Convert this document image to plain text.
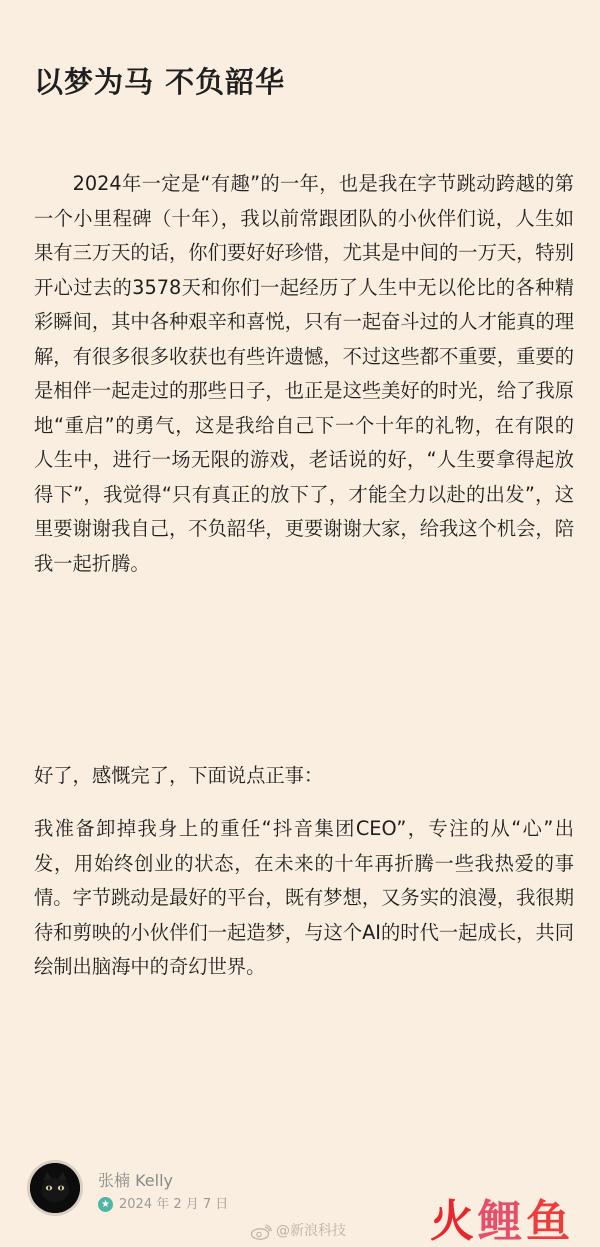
以梦为马 不负韶华

2024年一定是“有趣”的一年，也是我在字节跳动跨越的第一个小里程碑（十年），我以前常跟团队的小伙伴们说，人生如果有三万天的话，你们要好好珍惜，尤其是中间的一万天，特别开心过去的3578天和你们一起经历了人生中无以伦比的各种精彩瞬间，其中各种艰辛和喜悦，只有一起奋斗过的人才能真的理解，有很多很多收获也有些许遗憾，不过这些都不重要，重要的是相伴一起走过的那些日子，也正是这些美好的时光，给了我原地“重启”的勇气，这是我给自己下一个十年的礼物，在有限的人生中，进行一场无限的游戏，老话说的好，“人生要拿得起放得下”，我觉得“只有真正的放下了，才能全力以赴的出发”，这里要谢谢我自己，不负韶华，更要谢谢大家，给我这个机会，陪我一起折腾。

好了，感慨完了，下面说点正事：

我准备卸掉我身上的重任“抖音集团CEO”，专注的从“心”出发，用始终创业的状态，在未来的十年再折腾一些我热爱的事情。字节跳动是最好的平台，既有梦想，又务实的浪漫，我很期待和剪映的小伙伴们一起造梦，与这个AI的时代一起成长，共同绘制出脑海中的奇幻世界。

张楠 Kelly
★ 2024 年 2 月 7 日
@新浪科技 火鲤鱼
